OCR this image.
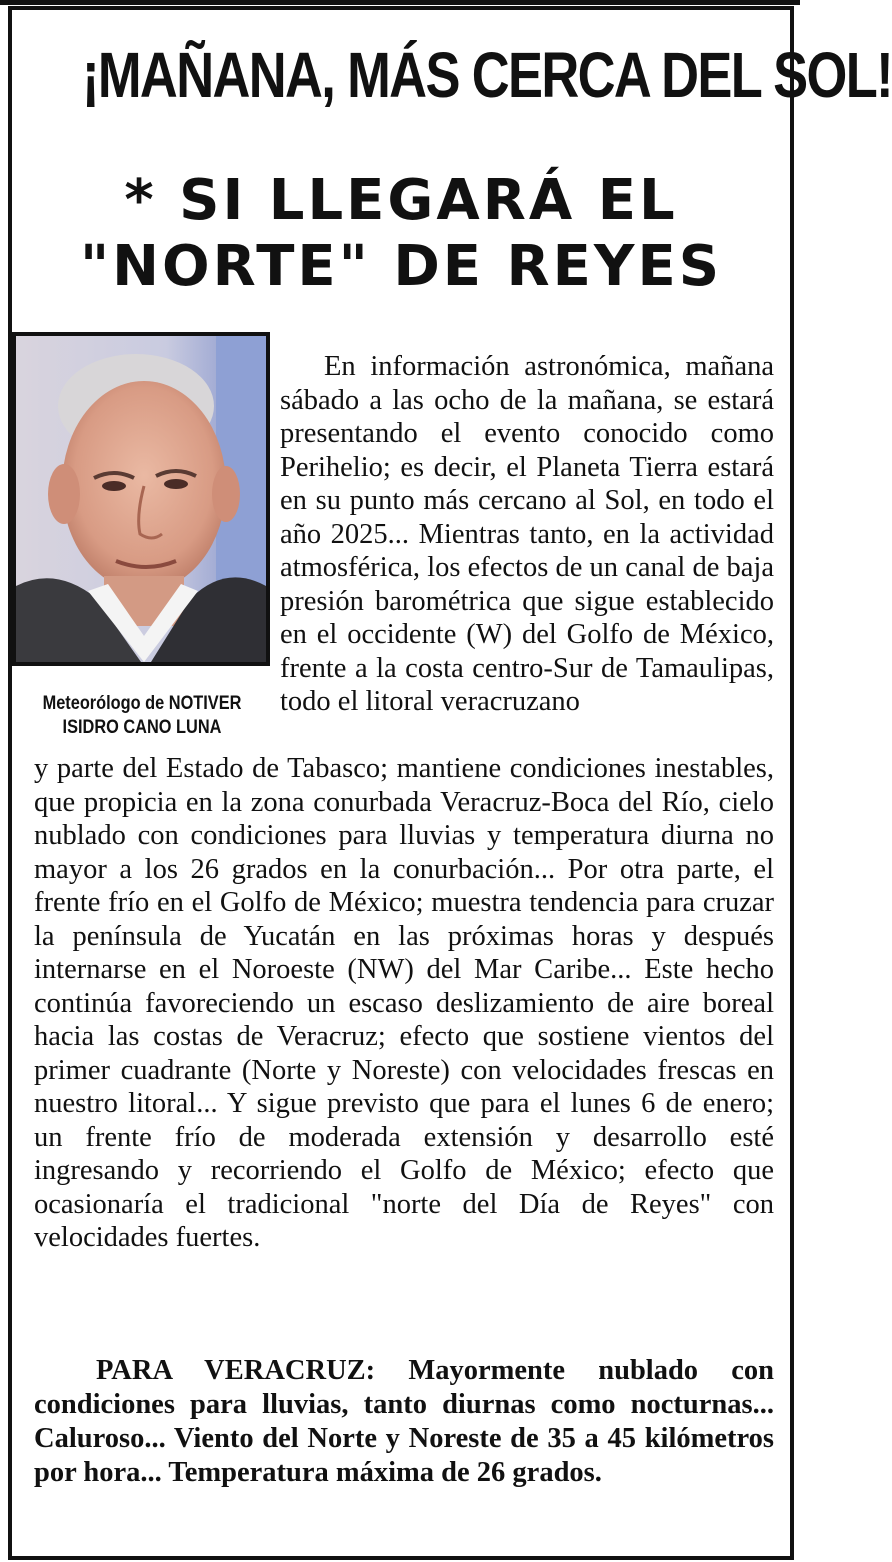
¡MAÑANA, MÁS CERCA DEL SOL!
* SI LLEGARÁ EL
"NORTE" DE REYES
Meteorólogo de NOTIVER
ISIDRO CANO LUNA
En información astronómica, mañana sábado a las ocho de la mañana, se estará presentando el evento conocido como Perihelio; es decir, el Planeta Tierra estará en su punto más cercano al Sol, en todo el año 2025... Mientras tanto, en la actividad atmosférica, los efectos de un canal de baja presión barométrica que sigue establecido en el occidente (W) del Golfo de México, frente a la costa centro-Sur de Tamaulipas, todo el litoral veracruzano
y parte del Estado de Tabasco; mantiene condiciones inestables, que propicia en la zona conurbada Veracruz-Boca del Río, cielo nublado con condiciones para lluvias y temperatura diurna no mayor a los 26 grados en la conurbación... Por otra parte, el frente frío en el Golfo de México; muestra tendencia para cruzar la península de Yucatán en las próximas horas y después internarse en el Noroeste (NW) del Mar Caribe... Este hecho continúa favoreciendo un escaso deslizamiento de aire boreal hacia las costas de Veracruz; efecto que sostiene vientos del primer cuadrante (Norte y Noreste) con velocidades frescas en nuestro litoral... Y sigue previsto que para el lunes 6 de enero; un frente frío de moderada extensión y desarrollo esté ingresando y recorriendo el Golfo de México; efecto que ocasionaría el tradicional "norte del Día de Reyes" con velocidades fuertes.
PARA VERACRUZ: Mayormente nublado con condiciones para lluvias, tanto diurnas como nocturnas... Caluroso... Viento del Norte y Noreste de 35 a 45 kilómetros por hora... Temperatura máxima de 26 grados.
